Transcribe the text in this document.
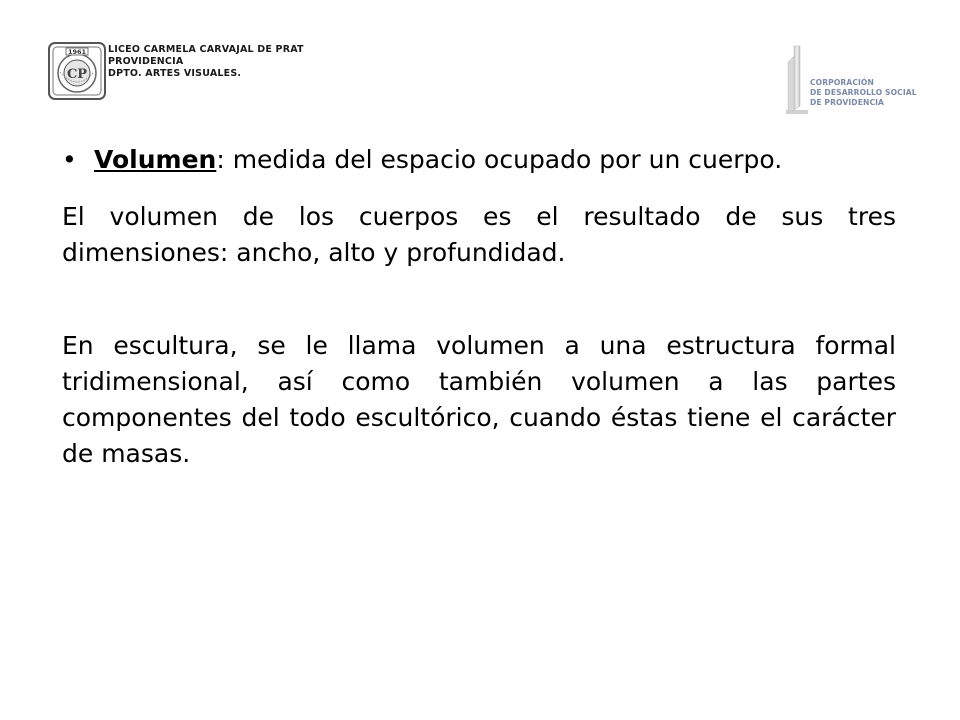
1961
CP
LICEO CARMELA CARVAJAL DE PRAT
PROVIDENCIA
DPTO. ARTES VISUALES.
CORPORACIÓN
DE DESARROLLO SOCIAL
DE PROVIDENCIA

• Volumen: medida del espacio ocupado por un cuerpo.

El volumen de los cuerpos es el resultado de sus tres dimensiones: ancho, alto y profundidad.

En escultura, se le llama volumen a una estructura formal tridimensional, así como también volumen a las partes componentes del todo escultórico, cuando éstas tiene el carácter de masas.
